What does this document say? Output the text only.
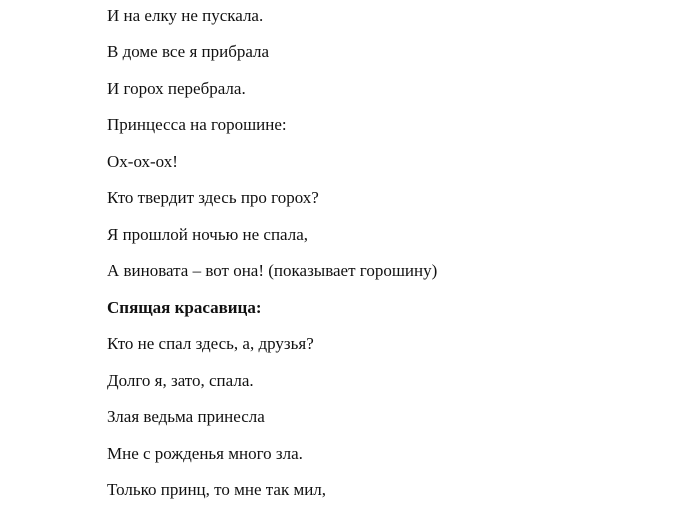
И на елку не пускала.

В доме все я прибрала

И горох перебрала.

Принцесса на горошине:

Ох-ох-ох!

Кто твердит здесь про горох?

Я прошлой ночью не спала,

А виновата – вот она! (показывает горошину)

Спящая красавица:

Кто не спал здесь, а, друзья?

Долго я, зато, спала.

Злая ведьма принесла

Мне с рожденья много зла.

Только принц, то мне так мил,
